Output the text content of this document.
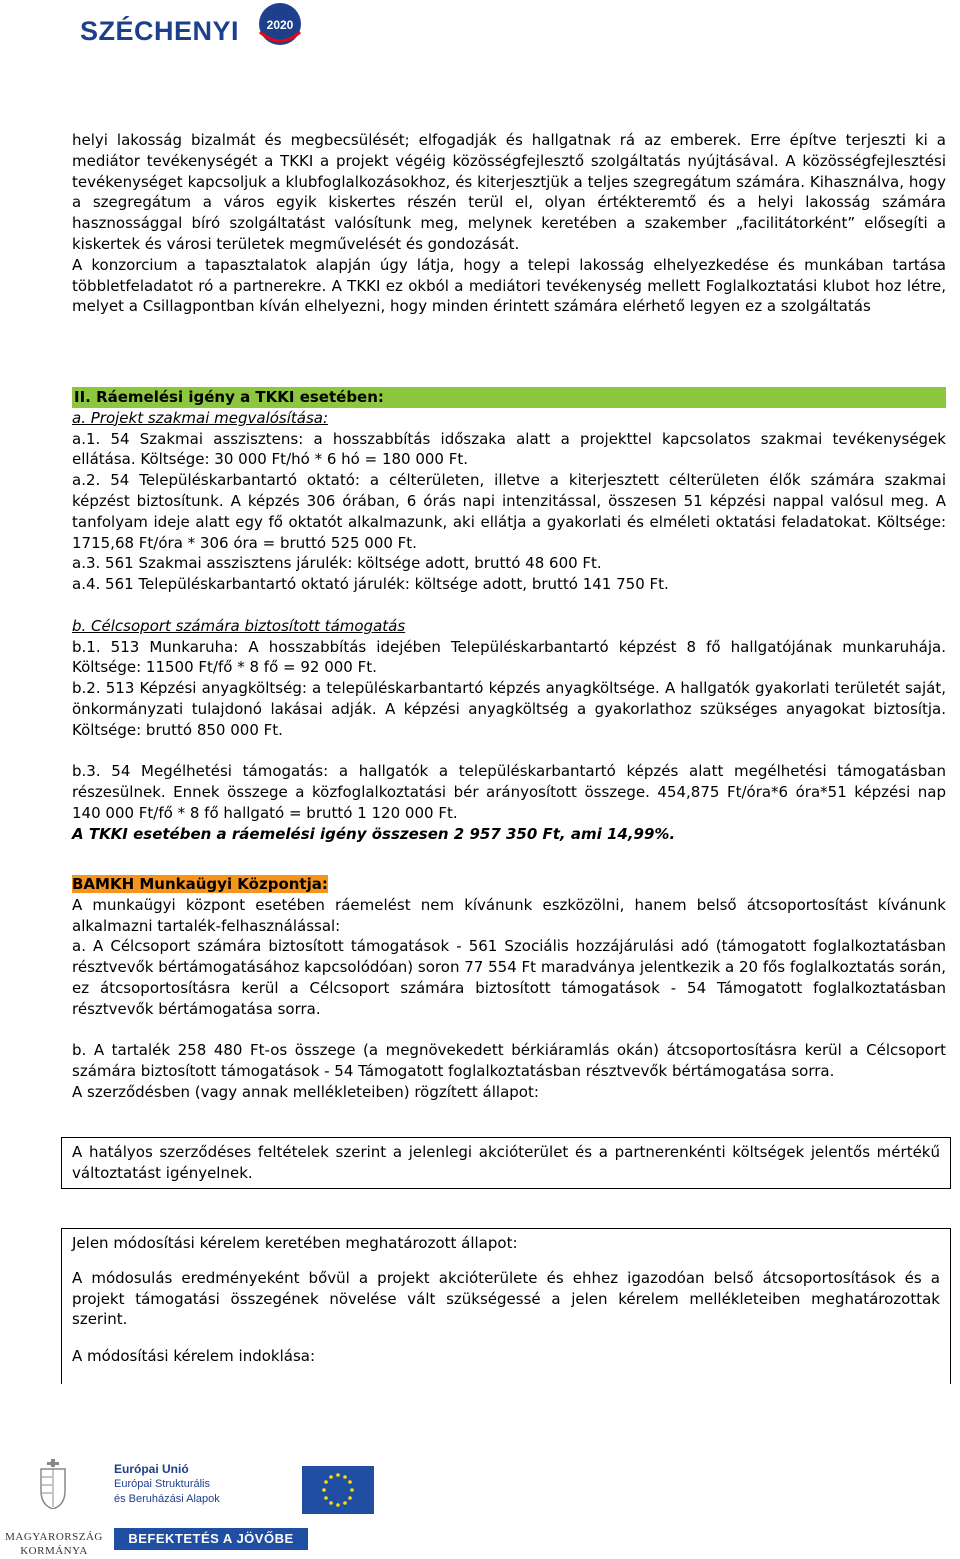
SZÉCHENYI 2020

helyi lakosság bizalmát és megbecsülését; elfogadják és hallgatnak rá az emberek. Erre építve terjeszti ki a mediátor tevékenységét a TKKI a projekt végéig közösségfejlesztő szolgáltatás nyújtásával. A közösségfejlesztési tevékenységet kapcsoljuk a klubfoglalkozásokhoz, és kiterjesztjük a teljes szegregátum számára. Kihasználva, hogy a szegregátum a város egyik kiskertes részén terül el, olyan értékteremtő és a helyi lakosság számára hasznossággal bíró szolgáltatást valósítunk meg, melynek keretében a szakember „facilitátorként” elősegíti a kiskertek és városi területek megművelését és gondozását.

A konzorcium a tapasztalatok alapján úgy látja, hogy a telepi lakosság elhelyezkedése és munkában tartása többletfeladatot ró a partnerekre. A TKKI ez okból a mediátori tevékenység mellett Foglalkoztatási klubot hoz létre, melyet a Csillagpontban kíván elhelyezni, hogy minden érintett számára elérhető legyen ez a szolgáltatás

II. Ráemelési igény a TKKI esetében:

a. Projekt szakmai megvalósítása:

a.1. 54 Szakmai asszisztens: a hosszabbítás időszaka alatt a projekttel kapcsolatos szakmai tevékenységek ellátása. Költsége: 30 000 Ft/hó * 6 hó = 180 000 Ft.

a.2. 54 Településkarbantartó oktató: a célterületen, illetve a kiterjesztett célterületen élők számára szakmai képzést biztosítunk. A képzés 306 órában, 6 órás napi intenzitással, összesen 51 képzési nappal valósul meg. A tanfolyam ideje alatt egy fő oktatót alkalmazunk, aki ellátja a gyakorlati és elméleti oktatási feladatokat. Költsége: 1715,68 Ft/óra * 306 óra = bruttó 525 000 Ft.

a.3. 561 Szakmai asszisztens járulék: költsége adott, bruttó 48 600 Ft.

a.4. 561 Településkarbantartó oktató járulék: költsége adott, bruttó 141 750 Ft.

b. Célcsoport számára biztosított támogatás

b.1. 513 Munkaruha: A hosszabbítás idejében Településkarbantartó képzést 8 fő hallgatójának munkaruhája. Költsége: 11500 Ft/fő * 8 fő = 92 000 Ft.

b.2. 513 Képzési anyagköltség: a településkarbantartó képzés anyagköltsége. A hallgatók gyakorlati területét saját, önkormányzati tulajdonó lakásai adják. A képzési anyagköltség a gyakorlathoz szükséges anyagokat biztosítja. Költsége: bruttó 850 000 Ft.

b.3. 54 Megélhetési támogatás: a hallgatók a településkarbantartó képzés alatt megélhetési támogatásban részesülnek. Ennek összege a közfoglalkoztatási bér arányosított összege. 454,875 Ft/óra*6 óra*51 képzési nap 140 000 Ft/fő * 8 fő hallgató = bruttó 1 120 000 Ft.

A TKKI esetében a ráemelési igény összesen 2 957 350 Ft, ami 14,99%.

BAMKH Munkaügyi Központja:

A munkaügyi központ esetében ráemelést nem kívánunk eszközölni, hanem belső átcsoportosítást kívánunk alkalmazni tartalék-felhasználással:

a. A Célcsoport számára biztosított támogatások - 561 Szociális hozzájárulási adó (támogatott foglalkoztatásban résztvevők bértámogatásához kapcsolódóan) soron 77 554 Ft maradványa jelentkezik a 20 fős foglalkoztatás során, ez átcsoportosításra kerül a Célcsoport számára biztosított támogatások - 54 Támogatott foglalkoztatásban résztvevők bértámogatása sorra.

b. A tartalék 258 480 Ft-os összege (a megnövekedett bérkiáramlás okán) átcsoportosításra kerül a Célcsoport számára biztosított támogatások - 54 Támogatott foglalkoztatásban résztvevők bértámogatása sorra.

A szerződésben (vagy annak mellékleteiben) rögzített állapot:

A hatályos szerződéses feltételek szerint a jelenlegi akcióterület és a partnerenkénti költségek jelentős mértékű változtatást igényelnek.

Jelen módosítási kérelem keretében meghatározott állapot:

A módosulás eredményeként bővül a projekt akcióterülete és ehhez igazodóan belső átcsoportosítások és a projekt támogatási összegének növelése vált szükségessé a jelen kérelem mellékleteiben meghatározottak szerint.

A módosítási kérelem indoklása:

MAGYARORSZÁG
KORMÁNYA
Európai Unió
Európai Strukturális
és Beruházási Alapok
BEFEKTETÉS A JÖVŐBE
